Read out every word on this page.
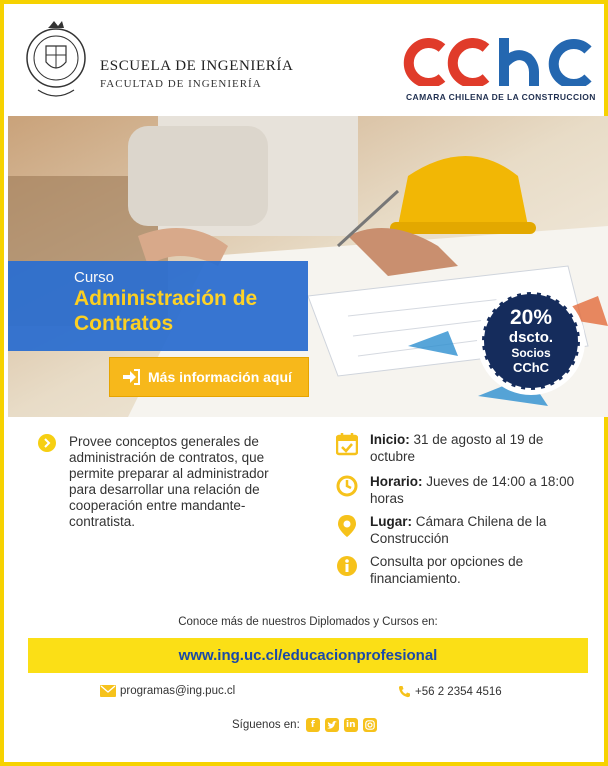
ESCUELA DE INGENIERÍA
FACULTAD DE INGENIERÍA
CAMARA CHILENA DE LA CONSTRUCCION
Curso
Administración de
Contratos
Más información aquí
20%
dscto.
Socios
CChC

Provee conceptos generales de administración de contratos, que permite preparar al administrador para desarrollar una relación de cooperación entre mandante-contratista.

Inicio: 31 de agosto al 19 de octubre
Horario: Jueves de 14:00 a 18:00 horas
Lugar: Cámara Chilena de la Construcción
Consulta por opciones de financiamiento.
Conoce más de nuestros Diplomados y Cursos en:
www.ing.uc.cl/educacionprofesional
programas@ing.puc.cl	+56 2 2354 4516
Síguenos en:	f	in
